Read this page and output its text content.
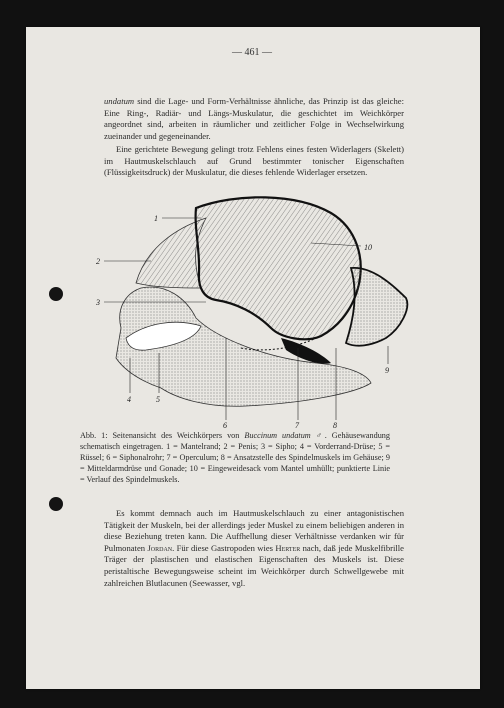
— 461 —

undatum sind die Lage- und Form-Verhältnisse ähnliche, das Prinzip ist das gleiche: Eine Ring-, Radiär- und Längs-Muskulatur, die geschichtet im Weichkörper angeordnet sind, arbeiten in räumlicher und zeitlicher Folge in Wechselwirkung zueinander und gegeneinander.

Eine gerichtete Bewegung gelingt trotz Fehlens eines festen Widerlagers (Skelett) im Hautmuskelschlauch auf Grund bestimmter tonischer Eigenschaften (Flüssigkeitsdruck) der Muskulatur, die dieses fehlende Widerlager ersetzen.

1
2
3
4	5
6	7	8
9
10
Abb. 1: Seitenansicht des Weichkörpers von Buccinum undatum ♂. Gehäusewandung schematisch eingetragen. 1 = Mantelrand; 2 = Penis; 3 = Sipho; 4 = Vorderrand-Drüse; 5 = Rüssel; 6 = Siphonalrohr; 7 = Operculum; 8 = Ansatzstelle des Spindelmuskels im Gehäuse; 9 = Mitteldarmdrüse und Gonade; 10 = Eingeweidesack vom Mantel umhüllt; punktierte Linie = Verlauf des Spindelmuskels.

Es kommt demnach auch im Hautmuskelschlauch zu einer antagonistischen Tätigkeit der Muskeln, bei der allerdings jeder Muskel zu einem beliebigen anderen in diese Beziehung treten kann. Die Auffhellung dieser Verhältnisse verdanken wir für Pulmonaten Jordan. Für diese Gastropoden wies Herter nach, daß jede Muskelfibrille Träger der plastischen und elastischen Eigenschaften des Muskels ist. Diese peristaltische Bewegungsweise scheint im Weichkörper durch Schwellgewebe mit zahlreichen Blutlacunen (Seewasser, vgl.
